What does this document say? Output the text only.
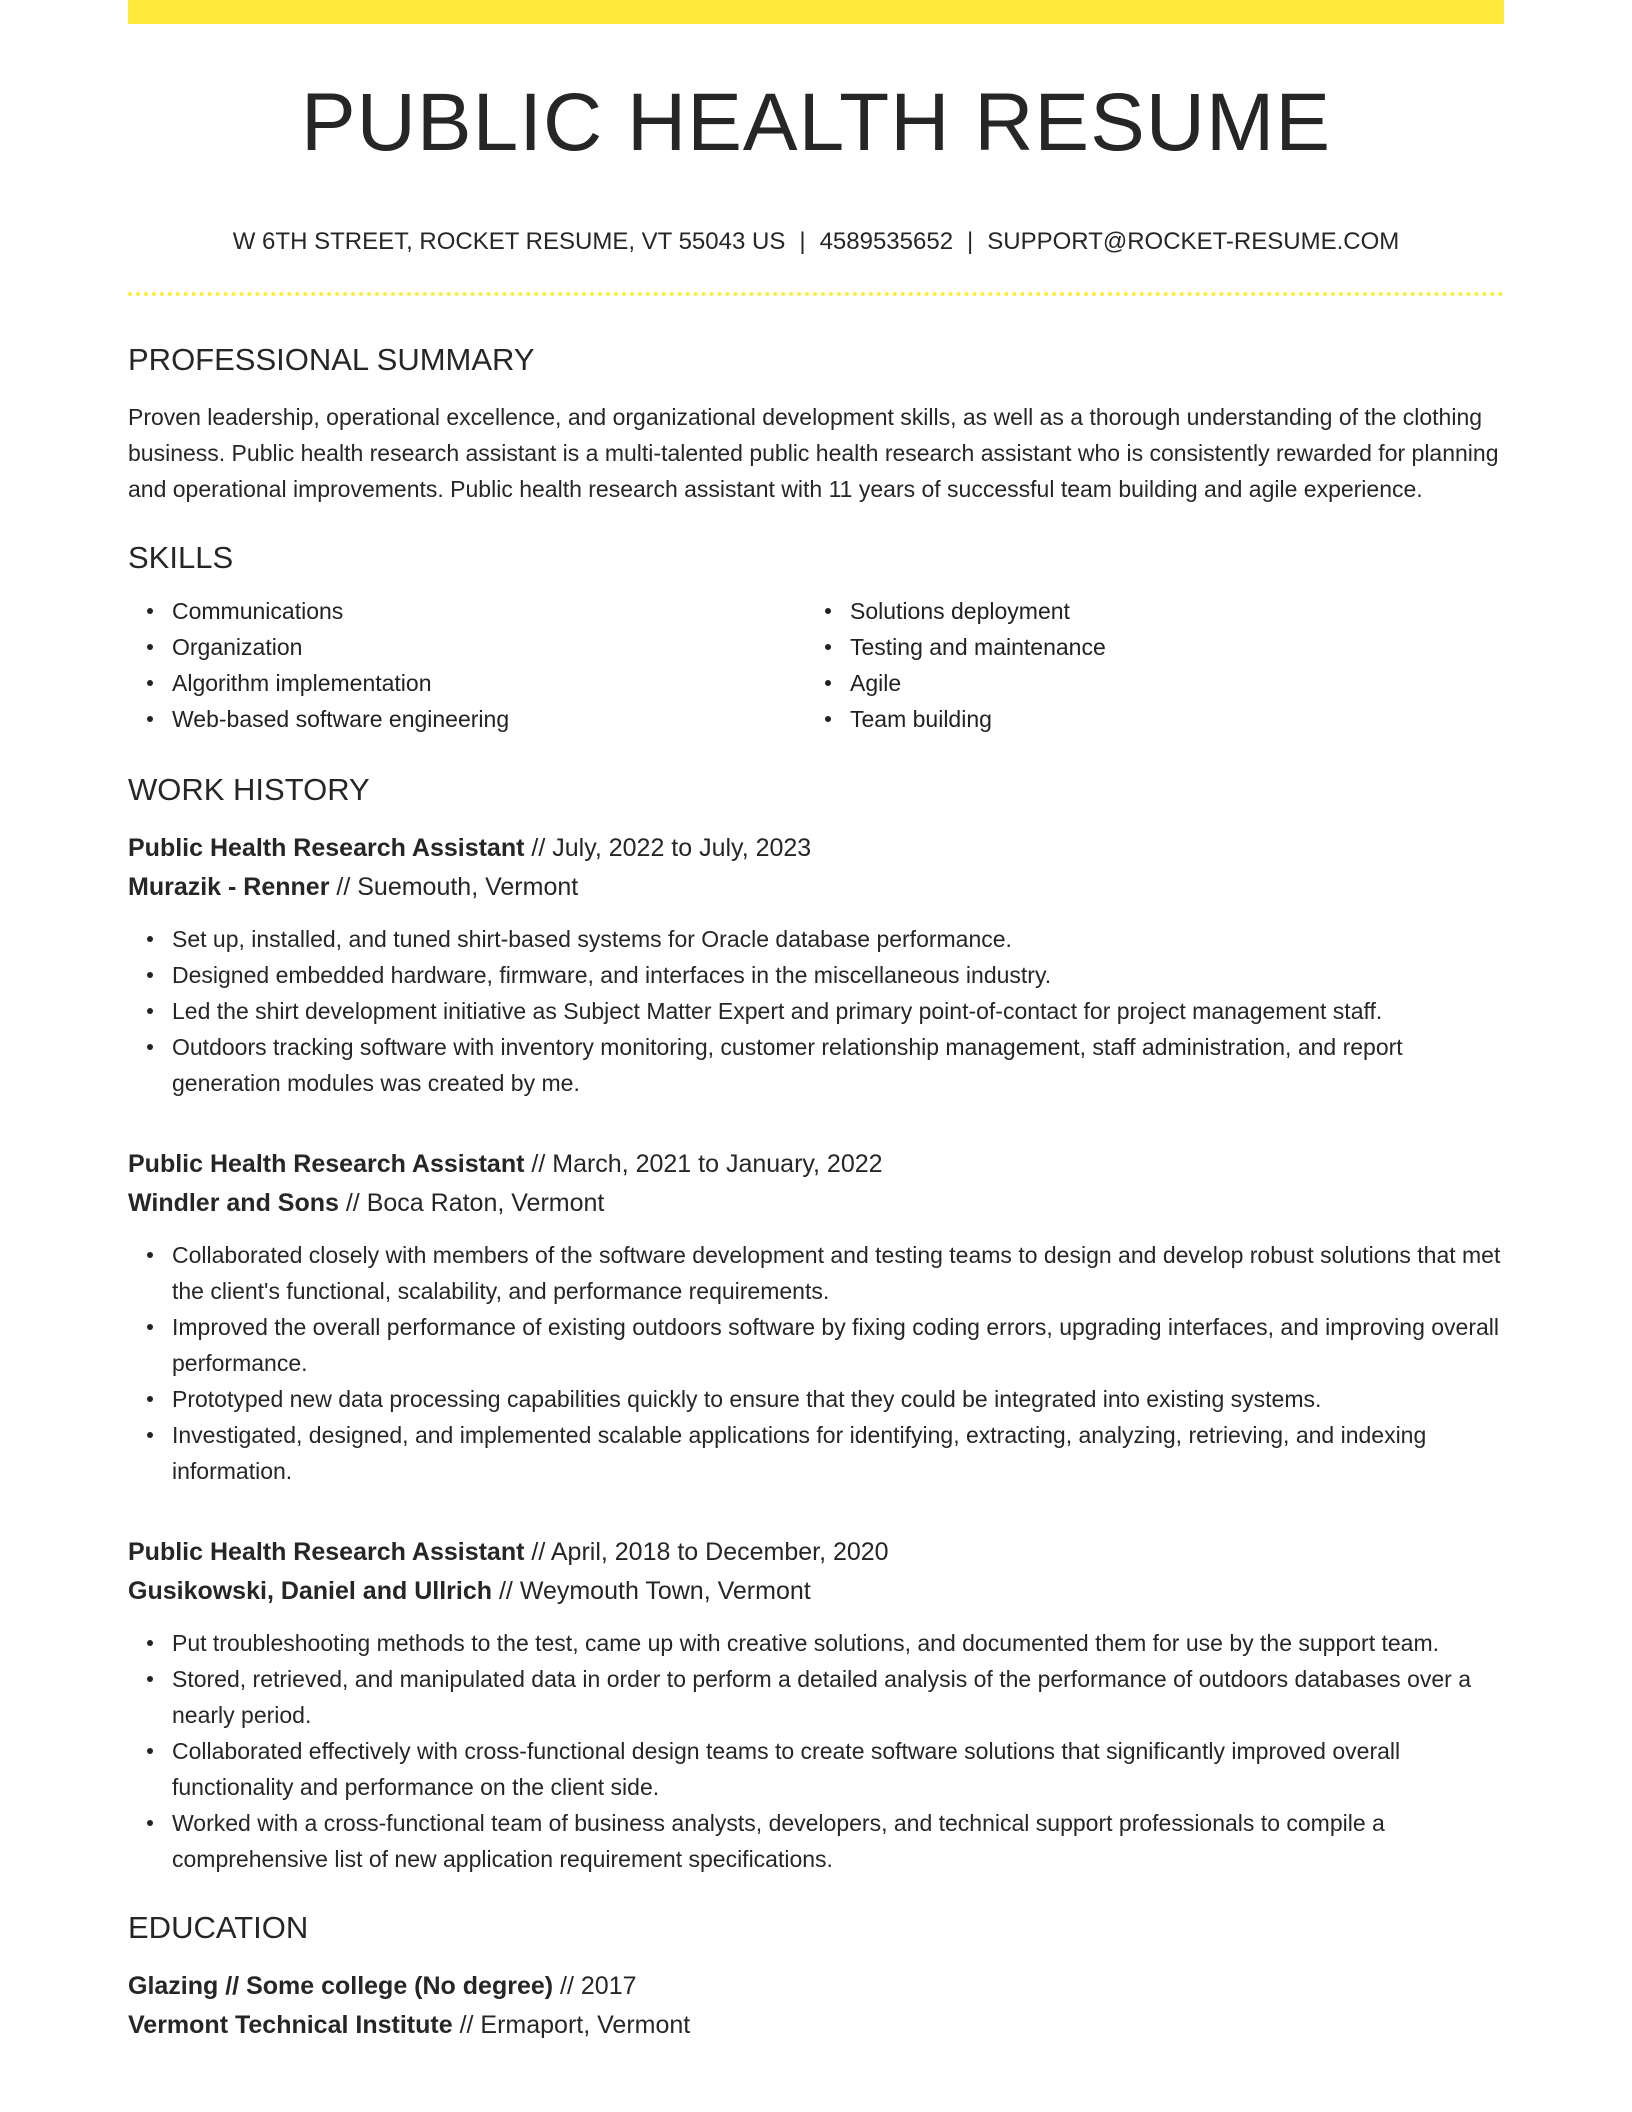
PUBLIC HEALTH RESUME
W 6TH STREET, ROCKET RESUME, VT 55043 US | 4589535652 | SUPPORT@ROCKET-RESUME.COM
PROFESSIONAL SUMMARY
Proven leadership, operational excellence, and organizational development skills, as well as a thorough understanding of the clothing business. Public health research assistant is a multi-talented public health research assistant who is consistently rewarded for planning and operational improvements. Public health research assistant with 11 years of successful team building and agile experience.
SKILLS
Communications
Organization
Algorithm implementation
Web-based software engineering
Solutions deployment
Testing and maintenance
Agile
Team building
WORK HISTORY
Public Health Research Assistant // July, 2022 to July, 2023
Murazik - Renner // Suemouth, Vermont
Set up, installed, and tuned shirt-based systems for Oracle database performance.
Designed embedded hardware, firmware, and interfaces in the miscellaneous industry.
Led the shirt development initiative as Subject Matter Expert and primary point-of-contact for project management staff.
Outdoors tracking software with inventory monitoring, customer relationship management, staff administration, and report generation modules was created by me.
Public Health Research Assistant // March, 2021 to January, 2022
Windler and Sons // Boca Raton, Vermont
Collaborated closely with members of the software development and testing teams to design and develop robust solutions that met the client's functional, scalability, and performance requirements.
Improved the overall performance of existing outdoors software by fixing coding errors, upgrading interfaces, and improving overall performance.
Prototyped new data processing capabilities quickly to ensure that they could be integrated into existing systems.
Investigated, designed, and implemented scalable applications for identifying, extracting, analyzing, retrieving, and indexing information.
Public Health Research Assistant // April, 2018 to December, 2020
Gusikowski, Daniel and Ullrich // Weymouth Town, Vermont
Put troubleshooting methods to the test, came up with creative solutions, and documented them for use by the support team.
Stored, retrieved, and manipulated data in order to perform a detailed analysis of the performance of outdoors databases over a nearly period.
Collaborated effectively with cross-functional design teams to create software solutions that significantly improved overall functionality and performance on the client side.
Worked with a cross-functional team of business analysts, developers, and technical support professionals to compile a comprehensive list of new application requirement specifications.
EDUCATION
Glazing // Some college (No degree) // 2017
Vermont Technical Institute // Ermaport, Vermont
